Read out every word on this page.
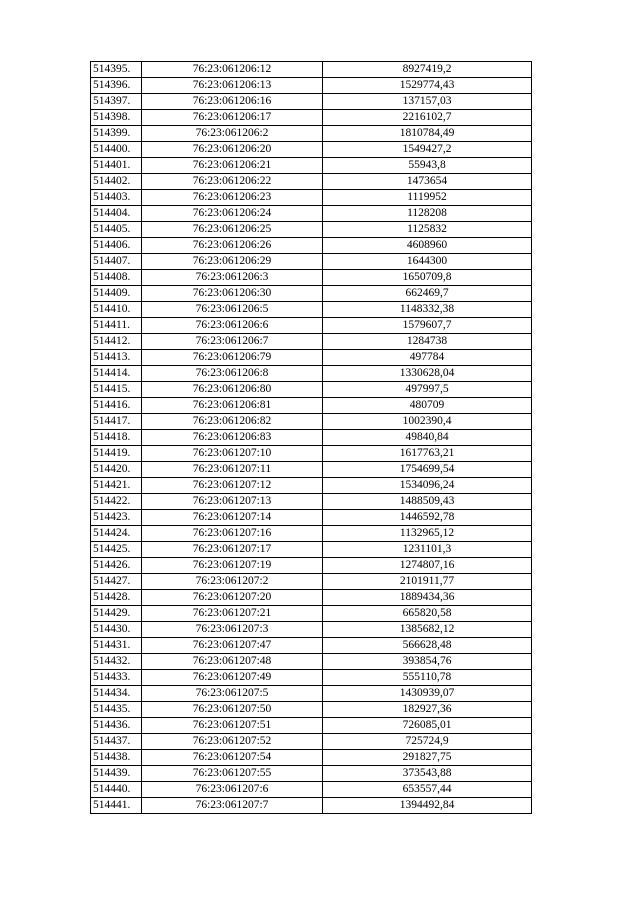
514395.	76:23:061206:12	8927419,2
514396.	76:23:061206:13	1529774,43
514397.	76:23:061206:16	137157,03
514398.	76:23:061206:17	2216102,7
514399.	76:23:061206:2	1810784,49
514400.	76:23:061206:20	1549427,2
514401.	76:23:061206:21	55943,8
514402.	76:23:061206:22	1473654
514403.	76:23:061206:23	1119952
514404.	76:23:061206:24	1128208
514405.	76:23:061206:25	1125832
514406.	76:23:061206:26	4608960
514407.	76:23:061206:29	1644300
514408.	76:23:061206:3	1650709,8
514409.	76:23:061206:30	662469,7
514410.	76:23:061206:5	1148332,38
514411.	76:23:061206:6	1579607,7
514412.	76:23:061206:7	1284738
514413.	76:23:061206:79	497784
514414.	76:23:061206:8	1330628,04
514415.	76:23:061206:80	497997,5
514416.	76:23:061206:81	480709
514417.	76:23:061206:82	1002390,4
514418.	76:23:061206:83	49840,84
514419.	76:23:061207:10	1617763,21
514420.	76:23:061207:11	1754699,54
514421.	76:23:061207:12	1534096,24
514422.	76:23:061207:13	1488509,43
514423.	76:23:061207:14	1446592,78
514424.	76:23:061207:16	1132965,12
514425.	76:23:061207:17	1231101,3
514426.	76:23:061207:19	1274807,16
514427.	76:23:061207:2	2101911,77
514428.	76:23:061207:20	1889434,36
514429.	76:23:061207:21	665820,58
514430.	76:23:061207:3	1385682,12
514431.	76:23:061207:47	566628,48
514432.	76:23:061207:48	393854,76
514433.	76:23:061207:49	555110,78
514434.	76:23:061207:5	1430939,07
514435.	76:23:061207:50	182927,36
514436.	76:23:061207:51	726085,01
514437.	76:23:061207:52	725724,9
514438.	76:23:061207:54	291827,75
514439.	76:23:061207:55	373543,88
514440.	76:23:061207:6	653557,44
514441.	76:23:061207:7	1394492,84
